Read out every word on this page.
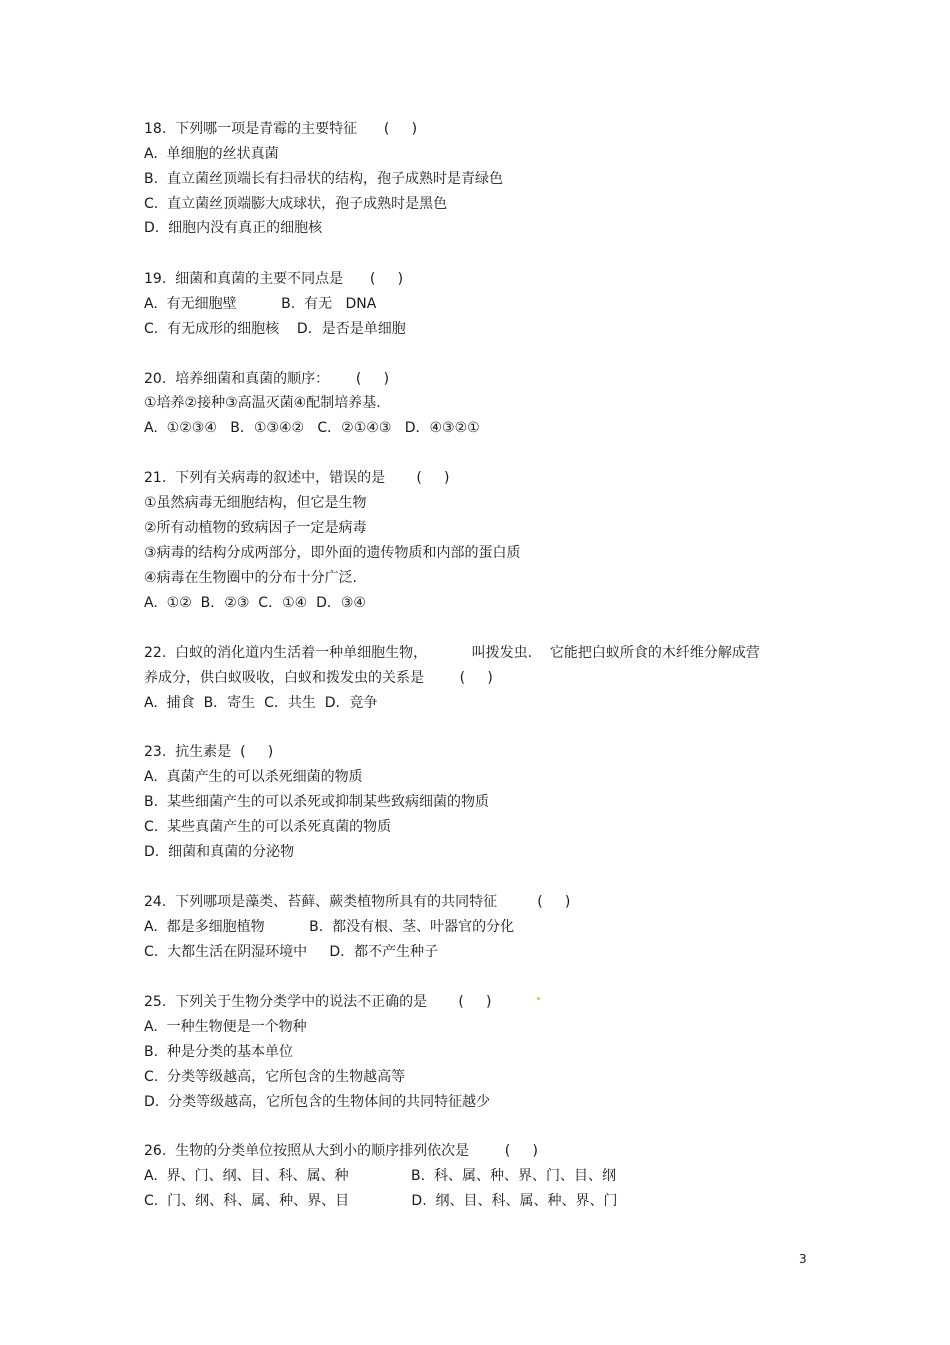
18.  下列哪一项是青霉的主要特征      (     )
A.  单细胞的丝状真菌
B.  直立菌丝顶端长有扫帚状的结构，孢子成熟时是青绿色
C.  直立菌丝顶端膨大成球状，孢子成熟时是黑色
D.  细胞内没有真正的细胞核
19.  细菌和真菌的主要不同点是      (     )
A.  有无细胞壁          B.  有无   DNA
C.  有无成形的细胞核    D．是否是单细胞
20.  培养细菌和真菌的顺序：      (     )
①培养②接种③高温灭菌④配制培养基.
A.  ①②③④   B．①③④②   C．②①④③   D．④③②①
21.  下列有关病毒的叙述中，错误的是       (     )
①虽然病毒无细胞结构，但它是生物
②所有动植物的致病因子一定是病毒
③病毒的结构分成两部分，即外面的遗传物质和内部的蛋白质
④病毒在生物圈中的分布十分广泛.
A.  ①②  B．②③  C．①④  D．③④
22.  白蚁的消化道内生活着一种单细胞生物，          叫拨发虫.    它能把白蚁所食的木纤维分解成营
养成分，供白蚁吸收，白蚁和拨发虫的关系是        (     )
A.  捕食  B．寄生  C．共生  D．竞争
23.  抗生素是  (     )
A.  真菌产生的可以杀死细菌的物质
B.  某些细菌产生的可以杀死或抑制某些致病细菌的物质
C.  某些真菌产生的可以杀死真菌的物质
D.  细菌和真菌的分泌物
24.  下列哪项是藻类、苔藓、蕨类植物所具有的共同特征         (     )
A.  都是多细胞植物          B.  都没有根、茎、叶器官的分化
C.  大都生活在阴湿环境中     D．都不产生种子
25.  下列关于生物分类学中的说法不正确的是       (     )
A.  一种生物便是一个物种
B.  种是分类的基本单位
C.  分类等级越高，它所包含的生物越高等
D.  分类等级越高，它所包含的生物体间的共同特征越少
26.  生物的分类单位按照从大到小的顺序排列依次是        (     )
A.  界、门、纲、目、科、属、种              B.  科、属、种、界、门、目、纲
C.  门、纲、科、属、种、界、目              D.  纲、目、科、属、种、界、门
3
